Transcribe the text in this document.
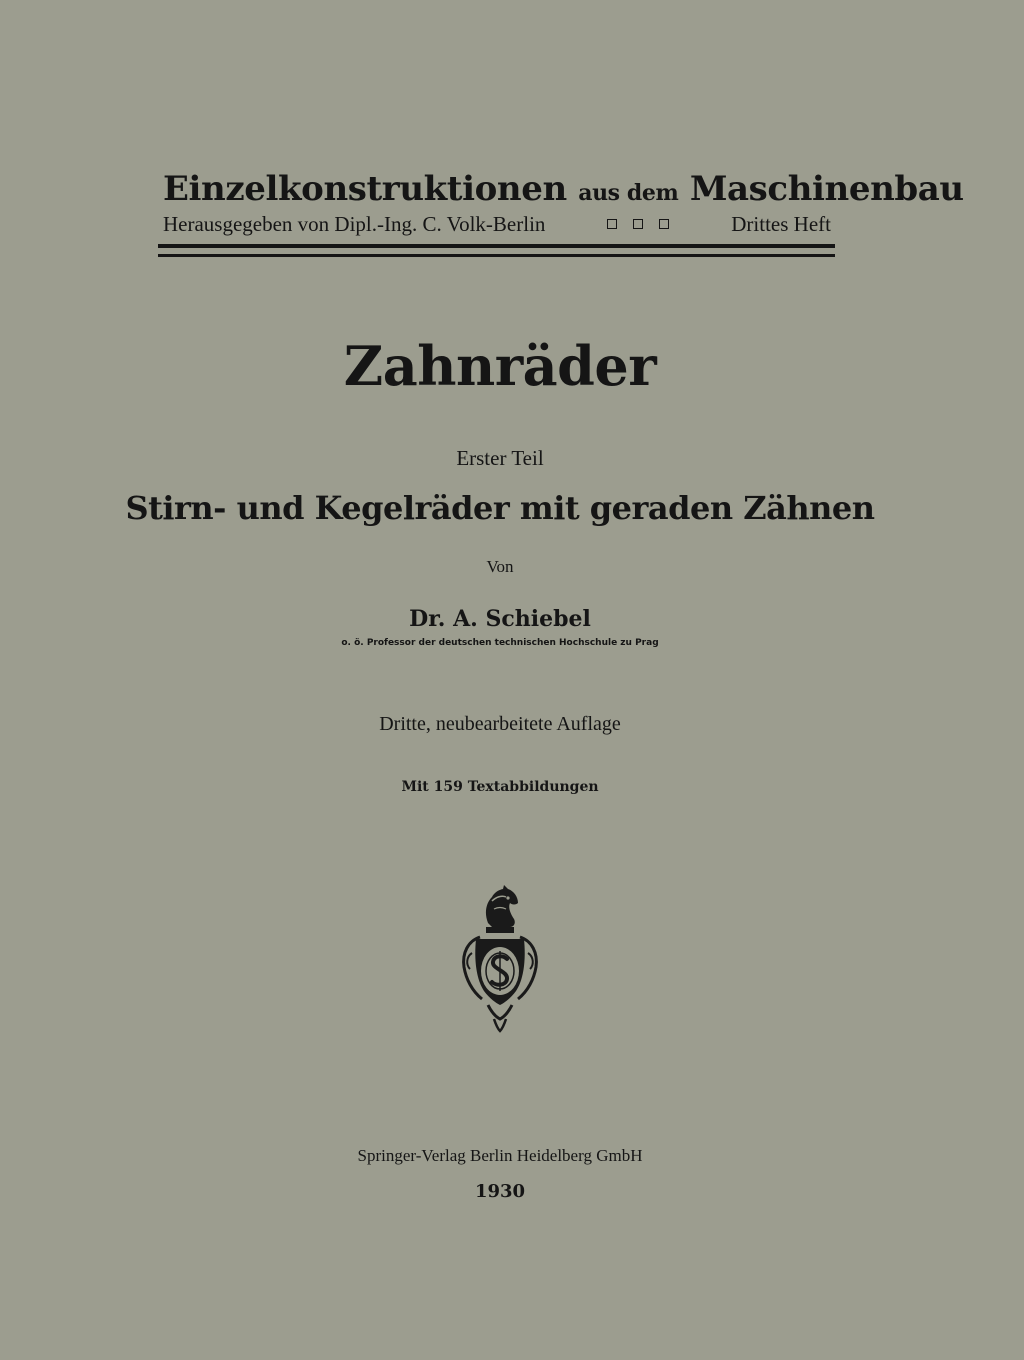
Einzelkonstruktionen aus dem Maschinenbau
Herausgegeben von Dipl.-Ing. C. Volk-Berlin	Drittes Heft
Zahnräder
Erster Teil
Stirn- und Kegelräder mit geraden Zähnen
Von
Dr. A. Schiebel
o. ö. Professor der deutschen technischen Hochschule zu Prag
Dritte, neubearbeitete Auflage
Mit 159 Textabbildungen
Springer-Verlag Berlin Heidelberg GmbH
1930
